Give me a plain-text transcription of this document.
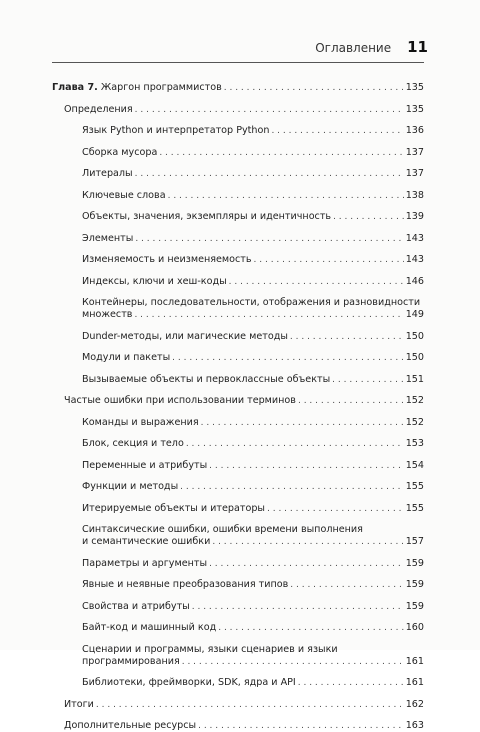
Оглавление 11
Глава 7. Жаргон программистов . . .	135
Определения . . .	135
Язык Python и интерпретатор Python . . .	136
Сборка мусора . . .	137
Литералы . . .	137
Ключевые слова . . .	138
Объекты, значения, экземпляры и идентичность . . .	139
Элементы . . .	143
Изменяемость и неизменяемость . . .	143
Индексы, ключи и хеш-коды . . .	146
Контейнеры, последовательности, отображения и разновидности
множеств . . .	149
Dunder-методы, или магические методы . . .	150
Модули и пакеты . . .	150
Вызываемые объекты и первоклассные объекты . . .	151
Частые ошибки при использовании терминов . . .	152
Команды и выражения . . .	152
Блок, секция и тело . . .	153
Переменные и атрибуты . . .	154
Функции и методы . . .	155
Итерируемые объекты и итераторы . . .	155
Синтаксические ошибки, ошибки времени выполнения
и семантические ошибки . . .	157
Параметры и аргументы . . .	159
Явные и неявные преобразования типов . . .	159
Свойства и атрибуты . . .	159
Байт-код и машинный код . . .	160
Сценарии и программы, языки сценариев и языки
программирования . . .	161
Библиотеки, фреймворки, SDK, ядра и API . . .	161
Итоги . . .	162
Дополнительные ресурсы . . .	163
